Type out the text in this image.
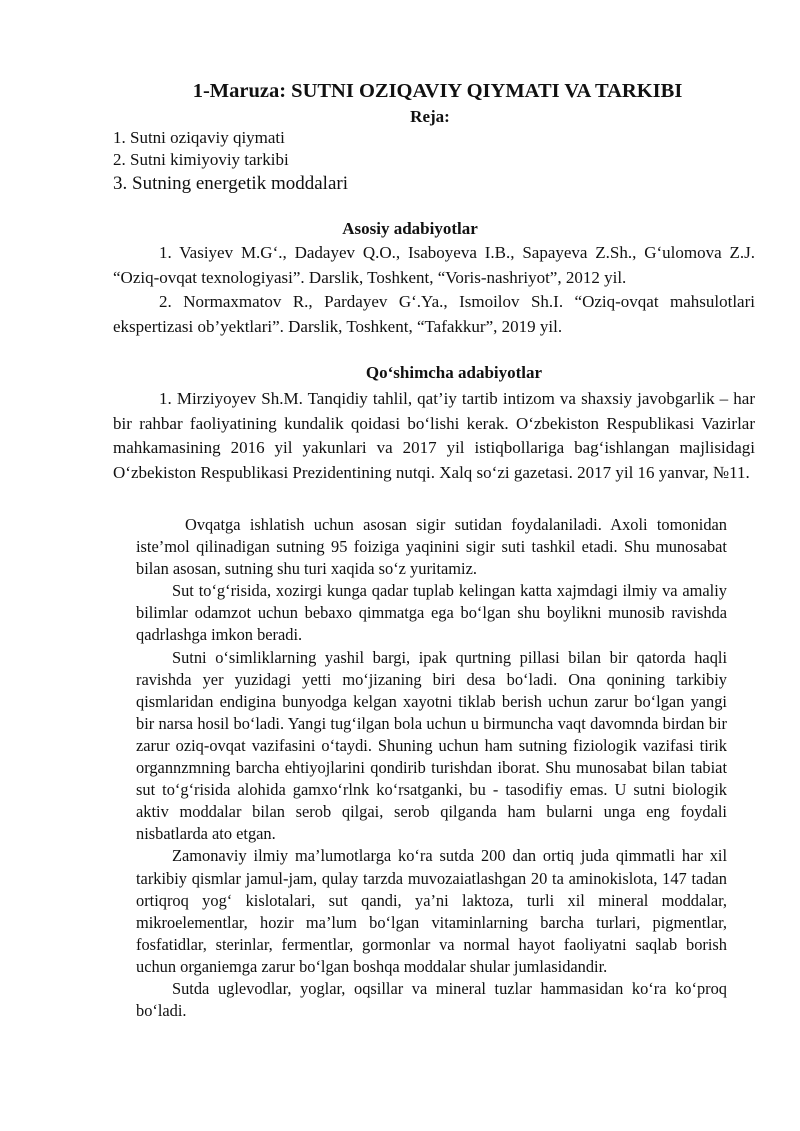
1-Maruza: SUTNI OZIQAVIY QIYMATI VA TARKIBI
Reja:
1. Sutni oziqaviy qiymati
2. Sutni kimiyoviy tarkibi
3. Sutning energetik moddalari
Asosiy adabiyotlar

1. Vasiyev M.G‘., Dadayev Q.O., Isaboyeva I.B., Sapayeva Z.Sh., G‘ulomova Z.J. “Oziq-ovqat texnologiyasi”. Darslik, Toshkent, “Voris-nashriyot”, 2012 yil.

2. Normaxmatov R., Pardayev G‘.Ya., Ismoilov Sh.I. “Oziq-ovqat mahsulotlari ekspertizasi ob’yektlari”. Darslik, Toshkent, “Tafakkur”, 2019 yil.

Qo‘shimcha adabiyotlar

1. Mirziyoyev Sh.M. Tanqidiy tahlil, qat’iy tartib intizom va shaxsiy javobgarlik – har bir rahbar faoliyatining kundalik qoidasi bo‘lishi kerak. O‘zbekiston Respublikasi Vazirlar mahkamasining 2016 yil yakunlari va 2017 yil istiqbollariga bag‘ishlangan majlisidagi O‘zbekiston Respublikasi Prezidentining nutqi. Xalq so‘zi gazetasi. 2017 yil 16 yanvar, №11.

Ovqatga ishlatish uchun asosan sigir sutidan foydalaniladi. Axoli tomonidan iste’mol qilinadigan sutning 95 foiziga yaqinini sigir suti tashkil etadi. Shu munosabat bilan asosan, sutning shu turi xaqida so‘z yuritamiz.

Sut to‘g‘risida, xozirgi kunga qadar tuplab kelingan katta xajmdagi ilmiy va amaliy bilimlar odamzot uchun bebaxo qimmatga ega bo‘lgan shu boylikni munosib ravishda qadrlashga imkon beradi.

Sutni o‘simliklarning yashil bargi, ipak qurtning pillasi bilan bir qatorda haqli ravishda yer yuzidagi yetti mo‘jizaning biri desa bo‘ladi. Ona qonining tarkibiy qismlaridan endigina bunyodga kelgan xayotni tiklab berish uchun zarur bo‘lgan yangi bir narsa hosil bo‘ladi. Yangi tug‘ilgan bola uchun u birmuncha vaqt davomnda birdan bir zarur oziq-ovqat vazifasini o‘taydi. Shuning uchun ham sutning fiziologik vazifasi tirik organnzmning barcha ehtiyojlarini qondirib turishdan iborat. Shu munosabat bilan tabiat sut to‘g‘risida alohida gamxo‘rlnk ko‘rsatganki, bu - tasodifiy emas. U sutni biologik aktiv moddalar bilan serob qilgai, serob qilganda ham bularni unga eng foydali nisbatlarda ato etgan.

Zamonaviy ilmiy ma’lumotlarga ko‘ra sutda 200 dan ortiq juda qimmatli har xil tarkibiy qismlar jamul-jam, qulay tarzda muvozaiatlashgan 20 ta aminokislota, 147 tadan ortiqroq yog‘ kislotalari, sut qandi, ya’ni laktoza, turli xil mineral moddalar, mikroelementlar, hozir ma’lum bo‘lgan vitaminlarning barcha turlari, pigmentlar, fosfatidlar, sterinlar, fermentlar, gormonlar va normal hayot faoliyatni saqlab borish uchun organiemga zarur bo‘lgan boshqa moddalar shular jumlasidandir.

Sutda uglevodlar, yoglar, oqsillar va mineral tuzlar hammasidan ko‘ra ko‘proq bo‘ladi.
